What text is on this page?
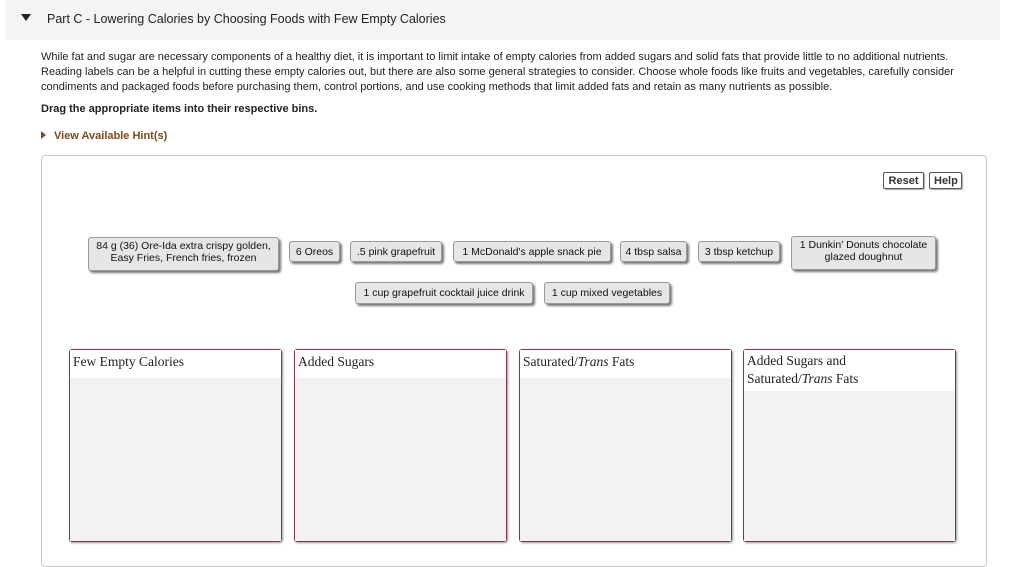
Part C - Lowering Calories by Choosing Foods with Few Empty Calories

While fat and sugar are necessary components of a healthy diet, it is important to limit intake of empty calories from added sugars and solid fats that provide little to no additional nutrients. Reading labels can be a helpful in cutting these empty calories out, but there are also some general strategies to consider. Choose whole foods like fruits and vegetables, carefully consider condiments and packaged foods before purchasing them, control portions, and use cooking methods that limit added fats and retain as many nutrients as possible.

Drag the appropriate items into their respective bins.
View Available Hint(s)
Reset	Help
84 g (36) Ore-Ida extra crispy golden,
Easy Fries, French fries, frozen	6 Oreos	.5 pink grapefruit	1 McDonald's apple snack pie	4 tbsp salsa	3 tbsp ketchup
1 Dunkin' Donuts chocolate
glazed doughnut
1 cup grapefruit cocktail juice drink	1 cup mixed vegetables
Few Empty Calories	Added Sugars	Saturated/Trans Fats	Added Sugars and
Saturated/Trans Fats
